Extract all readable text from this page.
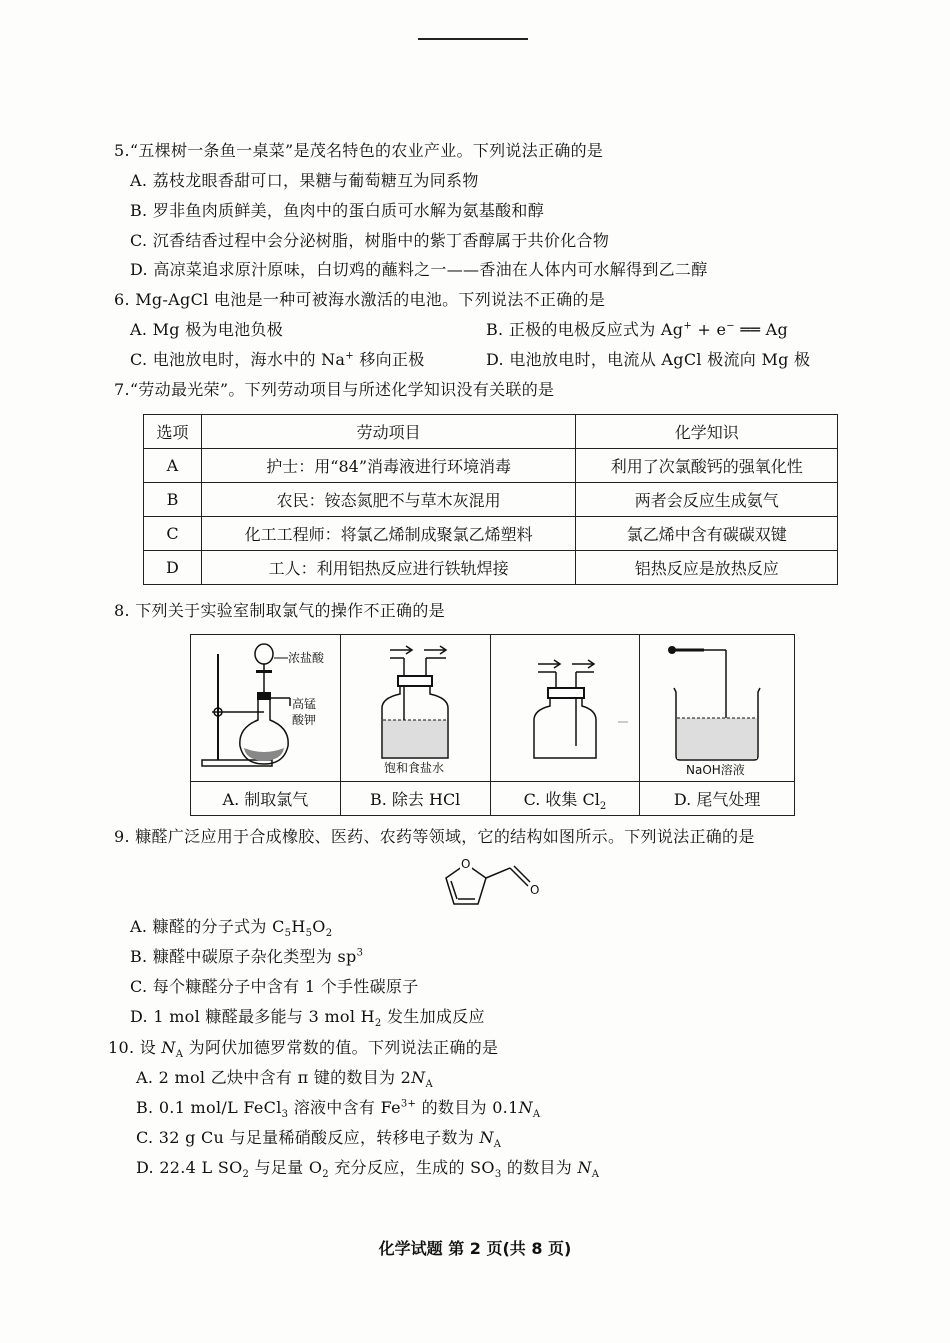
5.“五棵树一条鱼一桌菜”是茂名特色的农业产业。下列说法正确的是
A. 荔枝龙眼香甜可口，果糖与葡萄糖互为同系物
B. 罗非鱼肉质鲜美，鱼肉中的蛋白质可水解为氨基酸和醇
C. 沉香结香过程中会分泌树脂，树脂中的紫丁香醇属于共价化合物
D. 高凉菜追求原汁原味，白切鸡的蘸料之一——香油在人体内可水解得到乙二醇
6. Mg-AgCl 电池是一种可被海水激活的电池。下列说法不正确的是
A. Mg 极为电池负极	B. 正极的电极反应式为 Ag+ + e− ══ Ag
C. 电池放电时，海水中的 Na+ 移向正极	D. 电池放电时，电流从 AgCl 极流向 Mg 极
7.“劳动最光荣”。下列劳动项目与所述化学知识没有关联的是
选项	劳动项目	化学知识
A	护士：用“84”消毒液进行环境消毒	利用了次氯酸钙的强氧化性
B	农民：铵态氮肥不与草木灰混用	两者会反应生成氨气
C	化工工程师：将氯乙烯制成聚氯乙烯塑料	氯乙烯中含有碳碳双键
D	工人：利用铝热反应进行铁轨焊接	铝热反应是放热反应
8. 下列关于实验室制取氯气的操作不正确的是
浓盐酸
高锰
酸钾	饱和食盐水		NaOH溶液

A. 制取氯气	B. 除去 HCl	C. 收集 $Cl_2$	D. 尾气处理
9. 糠醛广泛应用于合成橡胶、医药、农药等领域，它的结构如图所示。下列说法正确的是
O
O
A. 糠醛的分子式为 $C_5H_5O_2$
B. 糠醛中碳原子杂化类型为 $sp^3$
C. 每个糠醛分子中含有 1 个手性碳原子
D. 1 mol 糠醛最多能与 3 mol $H_2$ 发生加成反应
10. 设 $N_A$ 为阿伏加德罗常数的值。下列说法正确的是
A. 2 mol 乙炔中含有 π 键的数目为 $2N_A$
B. 0.1 mol/L FeCl$_3$ 溶液中含有 $Fe^{3+}$ 的数目为 $0.1N_A$
C. 32 g Cu 与足量稀硝酸反应，转移电子数为 $N_A$
D. 22.4 L $SO_2$ 与足量 $O_2$ 充分反应，生成的 $SO_3$ 的数目为 $N_A$
化学试题 第 2 页(共 8 页)
